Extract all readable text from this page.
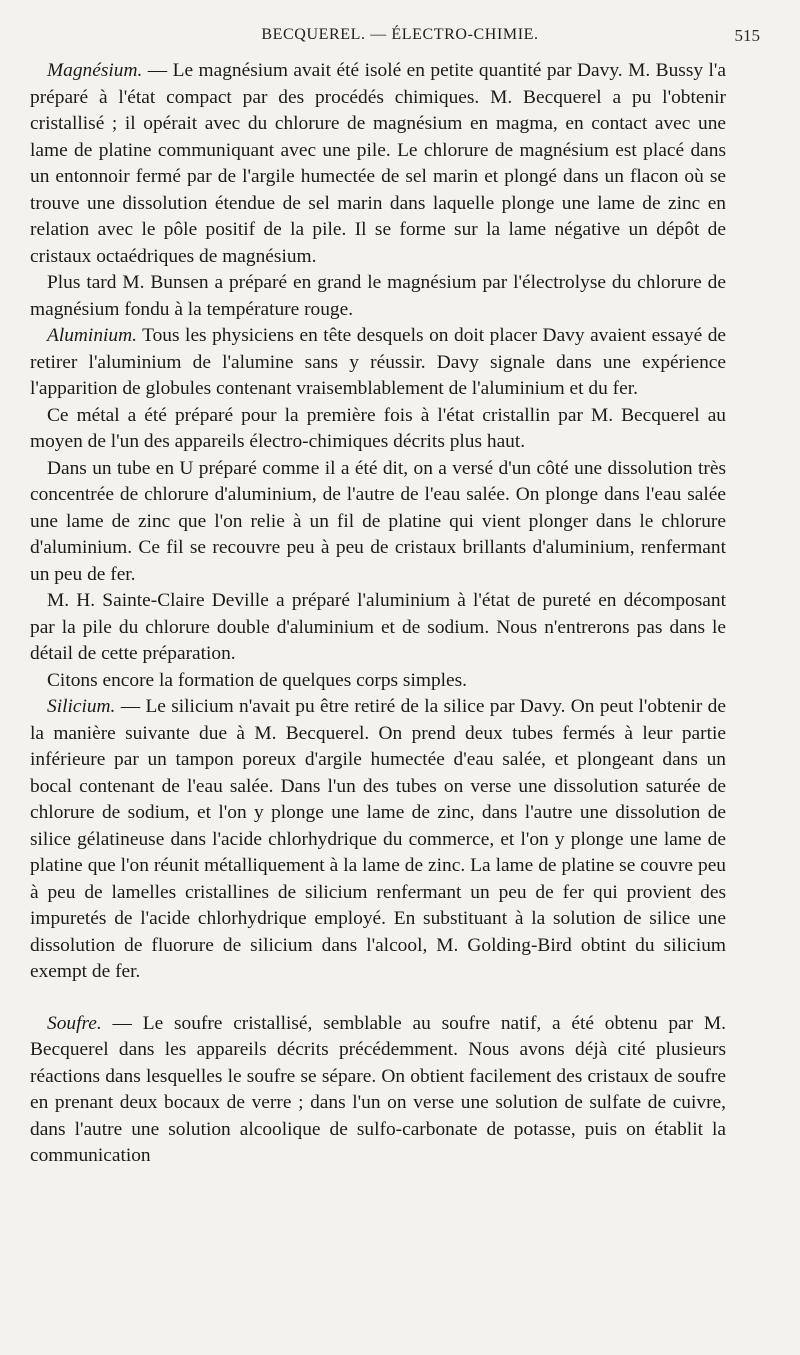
BECQUEREL. — ÉLECTRO-CHIMIE.	515

Magnésium. — Le magnésium avait été isolé en petite quantité par Davy. M. Bussy l'a préparé à l'état compact par des procédés chimiques. M. Becquerel a pu l'obtenir cristallisé ; il opérait avec du chlorure de magnésium en magma, en contact avec une lame de platine communiquant avec une pile. Le chlorure de magnésium est placé dans un entonnoir fermé par de l'argile humectée de sel marin et plongé dans un flacon où se trouve une dissolution étendue de sel marin dans laquelle plonge une lame de zinc en relation avec le pôle positif de la pile. Il se forme sur la lame négative un dépôt de cristaux octaédriques de magnésium.

Plus tard M. Bunsen a préparé en grand le magnésium par l'électrolyse du chlorure de magnésium fondu à la température rouge.

Aluminium. Tous les physiciens en tête desquels on doit placer Davy avaient essayé de retirer l'aluminium de l'alumine sans y réussir. Davy signale dans une expérience l'apparition de globules contenant vraisemblablement de l'aluminium et du fer.

Ce métal a été préparé pour la première fois à l'état cristallin par M. Becquerel au moyen de l'un des appareils électro-chimiques décrits plus haut.

Dans un tube en U préparé comme il a été dit, on a versé d'un côté une dissolution très concentrée de chlorure d'aluminium, de l'autre de l'eau salée. On plonge dans l'eau salée une lame de zinc que l'on relie à un fil de platine qui vient plonger dans le chlorure d'aluminium. Ce fil se recouvre peu à peu de cristaux brillants d'aluminium, renfermant un peu de fer.

M. H. Sainte-Claire Deville a préparé l'aluminium à l'état de pureté en décomposant par la pile du chlorure double d'aluminium et de sodium. Nous n'entrerons pas dans le détail de cette préparation.

Citons encore la formation de quelques corps simples.

Silicium. — Le silicium n'avait pu être retiré de la silice par Davy. On peut l'obtenir de la manière suivante due à M. Becquerel. On prend deux tubes fermés à leur partie inférieure par un tampon poreux d'argile humectée d'eau salée, et plongeant dans un bocal contenant de l'eau salée. Dans l'un des tubes on verse une dissolution saturée de chlorure de sodium, et l'on y plonge une lame de zinc, dans l'autre une dissolution de silice gélatineuse dans l'acide chlorhydrique du commerce, et l'on y plonge une lame de platine que l'on réunit métalliquement à la lame de zinc. La lame de platine se couvre peu à peu de lamelles cristallines de silicium renfermant un peu de fer qui provient des impuretés de l'acide chlorhydrique employé. En substituant à la solution de silice une dissolution de fluorure de silicium dans l'alcool, M. Golding-Bird obtint du silicium exempt de fer.

Soufre. — Le soufre cristallisé, semblable au soufre natif, a été obtenu par M. Becquerel dans les appareils décrits précédemment. Nous avons déjà cité plusieurs réactions dans lesquelles le soufre se sépare. On obtient facilement des cristaux de soufre en prenant deux bocaux de verre ; dans l'un on verse une solution de sulfate de cuivre, dans l'autre une solution alcoolique de sulfo-carbonate de potasse, puis on établit la communication
